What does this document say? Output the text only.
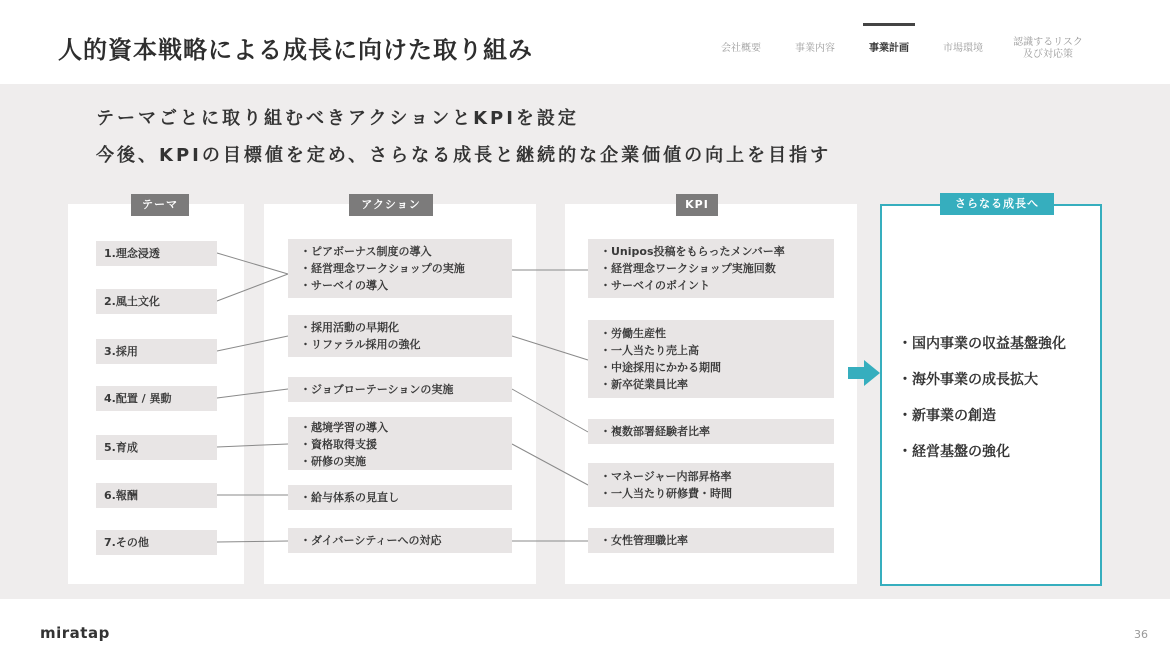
人的資本戦略による成長に向けた取り組み	会社概要	事業内容	事業計画	市場環境
認識するリスク
及び対応策
テーマごとに取り組むべきアクションとKPIを設定
今後、KPIの目標値を定め、さらなる成長と継続的な企業価値の向上を目指す
テーマ	アクション	KPI
1.理念浸透
2.風土文化
3.採用
4.配置 / 異動
5.育成
6.報酬
7.その他
・ピアボーナス制度の導入
・経営理念ワークショップの実施
・サーベイの導入
・採用活動の早期化
・リファラル採用の強化
・ジョブローテーションの実施
・越境学習の導入
・資格取得支援
・研修の実施
・給与体系の見直し
・ダイバーシティーへの対応
・Unipos投稿をもらったメンバー率
・経営理念ワークショップ実施回数
・サーベイのポイント
・労働生産性
・一人当たり売上高
・中途採用にかかる期間
・新卒従業員比率
・複数部署経験者比率
・マネージャー内部昇格率
・一人当たり研修費・時間
・女性管理職比率
さらなる成長へ
・国内事業の収益基盤強化
・海外事業の成長拡大
・新事業の創造
・経営基盤の強化
miratap	36
